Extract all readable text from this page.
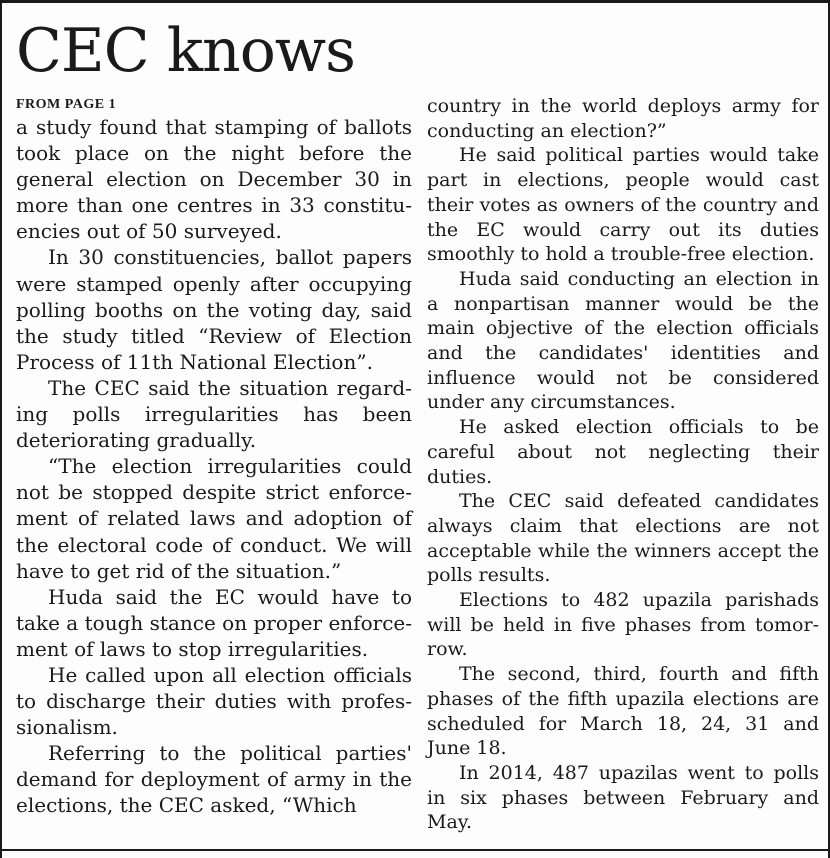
CEC knows
FROM PAGE 1

a study found that stamping of ballots took place on the night before the general election on December 30 in more than one centres in 33 constituencies out of 50 surveyed.

In 30 constituencies, ballot papers were stamped openly after occupying polling booths on the voting day, said the study titled “Review of Election Process of 11th National Election”.

The CEC said the situation regarding polls irregularities has been deteriorating gradually.

“The election irregularities could not be stopped despite strict enforcement of related laws and adoption of the electoral code of conduct. We will have to get rid of the situation.”

Huda said the EC would have to take a tough stance on proper enforcement of laws to stop irregularities.

He called upon all election officials to discharge their duties with professionalism.

Referring to the political parties' demand for deployment of army in the elections, the CEC asked, “Which

country in the world deploys army for conducting an election?”

He said political parties would take part in elections, people would cast their votes as owners of the country and the EC would carry out its duties smoothly to hold a trouble-free election.

Huda said conducting an election in a nonpartisan manner would be the main objective of the election officials and the candidates' identities and influence would not be considered under any circumstances.

He asked election officials to be careful about not neglecting their duties.

The CEC said defeated candidates always claim that elections are not acceptable while the winners accept the polls results.

Elections to 482 upazila parishads will be held in five phases from tomorrow.

The second, third, fourth and fifth phases of the fifth upazila elections are scheduled for March 18, 24, 31 and June 18.

In 2014, 487 upazilas went to polls in six phases between February and May.
